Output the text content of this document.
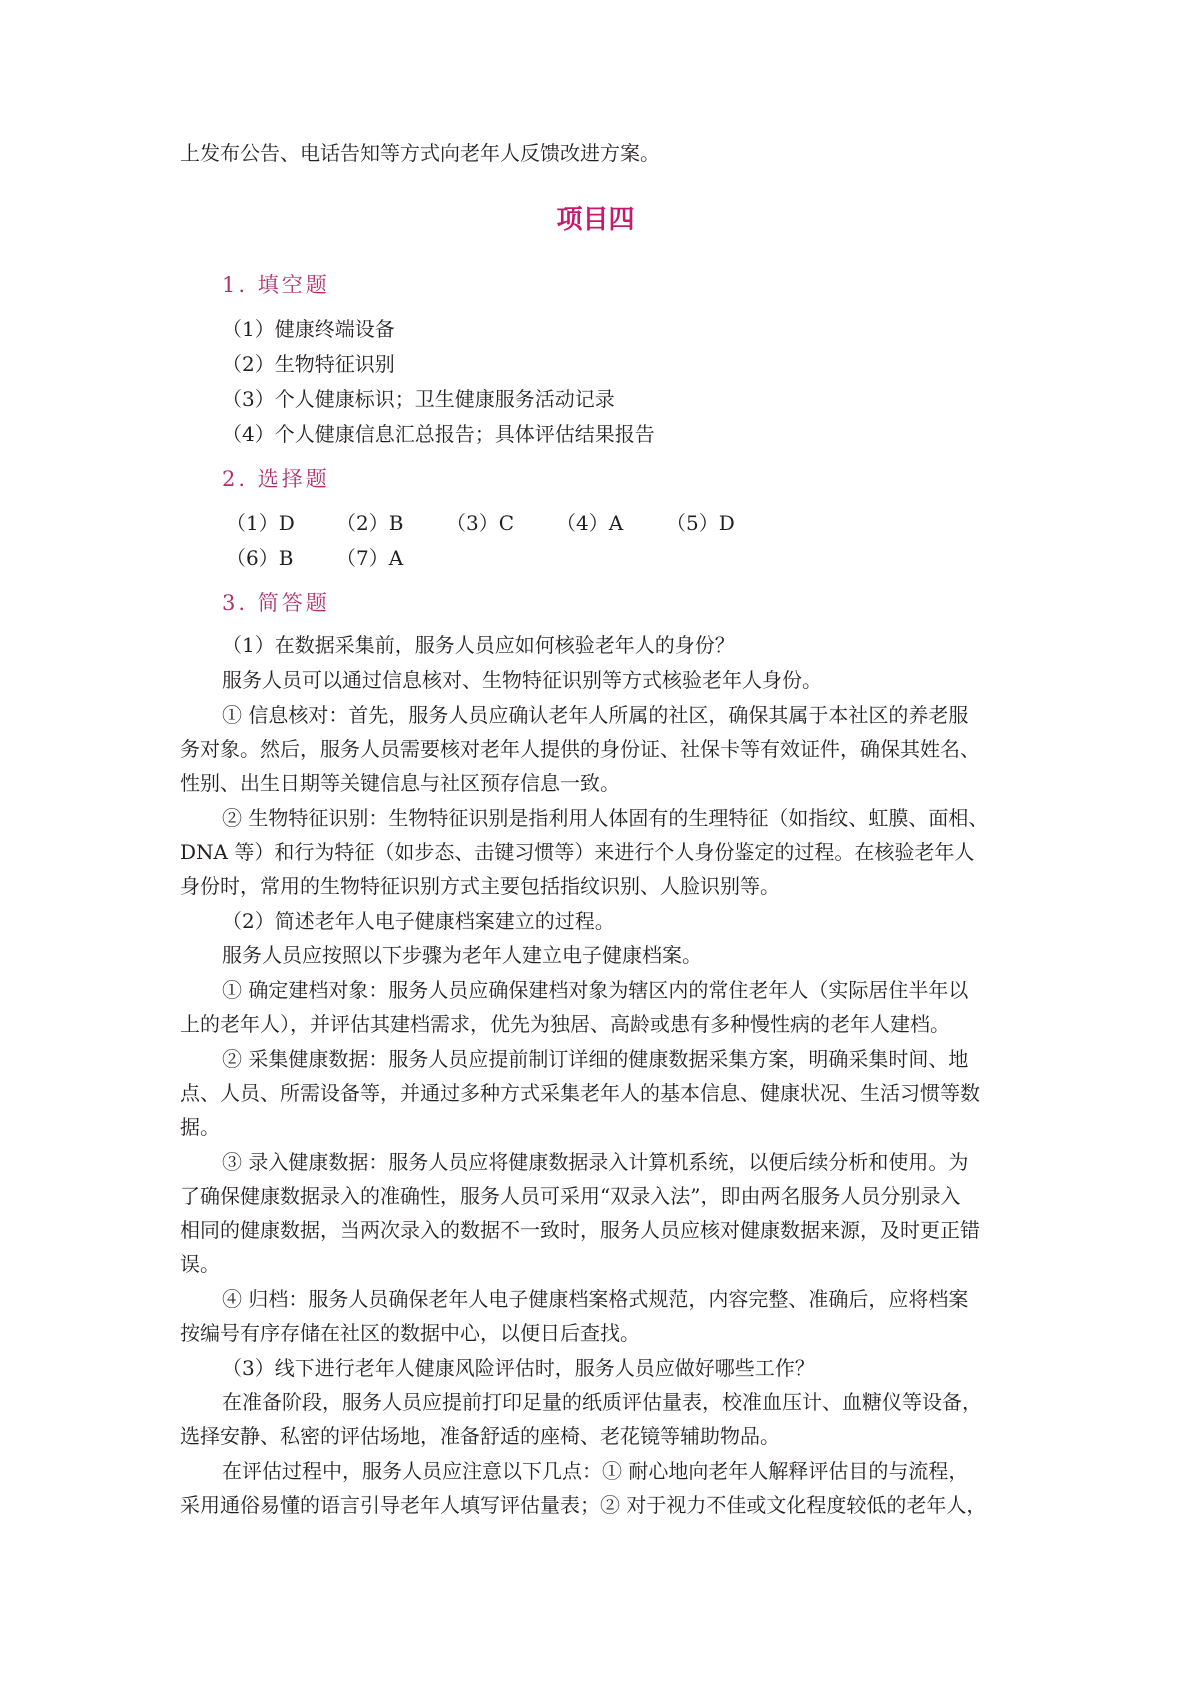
上发布公告、电话告知等方式向老年人反馈改进方案。
项目四
1. 填空题
（1）健康终端设备
（2）生物特征识别
（3）个人健康标识；卫生健康服务活动记录
（4）个人健康信息汇总报告；具体评估结果报告
2. 选择题
（1）D	（2）B	（3）C	（4）A	（5）D
（6）B	（7）A
3. 简答题
（1）在数据采集前，服务人员应如何核验老年人的身份？
服务人员可以通过信息核对、生物特征识别等方式核验老年人身份。
① 信息核对：首先，服务人员应确认老年人所属的社区，确保其属于本社区的养老服
务对象。然后，服务人员需要核对老年人提供的身份证、社保卡等有效证件，确保其姓名、
性别、出生日期等关键信息与社区预存信息一致。
② 生物特征识别：生物特征识别是指利用人体固有的生理特征（如指纹、虹膜、面相、
DNA 等）和行为特征（如步态、击键习惯等）来进行个人身份鉴定的过程。在核验老年人
身份时，常用的生物特征识别方式主要包括指纹识别、人脸识别等。
（2）简述老年人电子健康档案建立的过程。
服务人员应按照以下步骤为老年人建立电子健康档案。
① 确定建档对象：服务人员应确保建档对象为辖区内的常住老年人（实际居住半年以
上的老年人），并评估其建档需求，优先为独居、高龄或患有多种慢性病的老年人建档。
② 采集健康数据：服务人员应提前制订详细的健康数据采集方案，明确采集时间、地
点、人员、所需设备等，并通过多种方式采集老年人的基本信息、健康状况、生活习惯等数
据。
③ 录入健康数据：服务人员应将健康数据录入计算机系统，以便后续分析和使用。为
了确保健康数据录入的准确性，服务人员可采用“双录入法”，即由两名服务人员分别录入
相同的健康数据，当两次录入的数据不一致时，服务人员应核对健康数据来源，及时更正错
误。
④ 归档：服务人员确保老年人电子健康档案格式规范，内容完整、准确后，应将档案
按编号有序存储在社区的数据中心，以便日后查找。
（3）线下进行老年人健康风险评估时，服务人员应做好哪些工作？
在准备阶段，服务人员应提前打印足量的纸质评估量表，校准血压计、血糖仪等设备，
选择安静、私密的评估场地，准备舒适的座椅、老花镜等辅助物品。
在评估过程中，服务人员应注意以下几点：① 耐心地向老年人解释评估目的与流程，
采用通俗易懂的语言引导老年人填写评估量表；② 对于视力不佳或文化程度较低的老年人，
